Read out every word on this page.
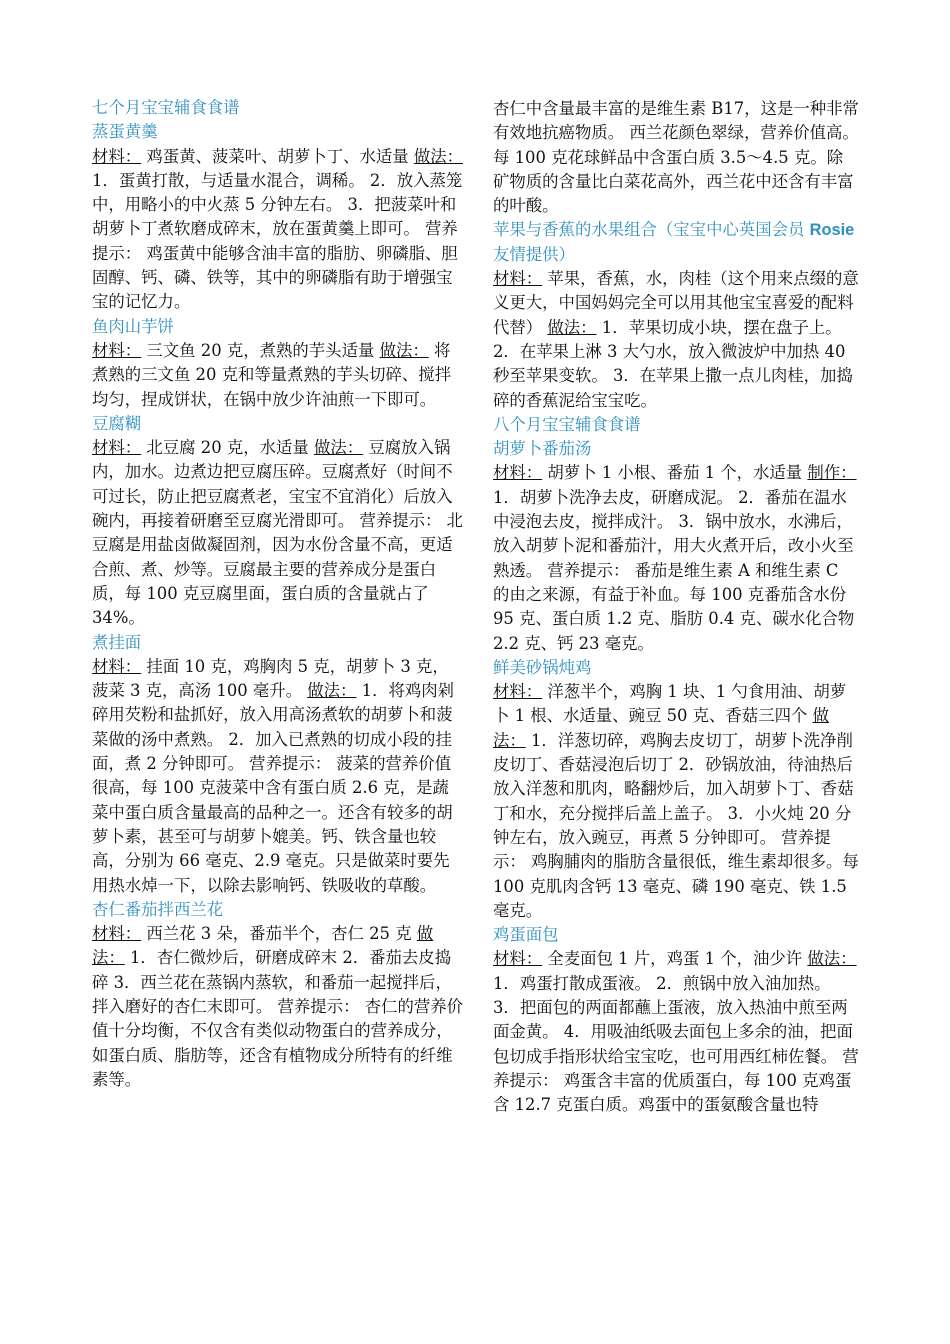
七个月宝宝辅食食谱

蒸蛋黄羹

材料： 鸡蛋黄、菠菜叶、胡萝卜丁、水适量 做法： 1．蛋黄打散，与适量水混合，调稀。 2．放入蒸笼中，用略小的中火蒸 5 分钟左右。 3．把菠菜叶和胡萝卜丁煮软磨成碎末，放在蛋黄羹上即可。 营养提示： 鸡蛋黄中能够含油丰富的脂肪、卵磷脂、胆固醇、钙、磷、铁等，其中的卵磷脂有助于增强宝宝的记忆力。

鱼肉山芋饼

材料： 三文鱼 20 克，煮熟的芋头适量 做法： 将煮熟的三文鱼 20 克和等量煮熟的芋头切碎、搅拌均匀，捏成饼状，在锅中放少许油煎一下即可。

豆腐糊

材料： 北豆腐 20 克，水适量 做法： 豆腐放入锅内，加水。边煮边把豆腐压碎。豆腐煮好（时间不可过长，防止把豆腐煮老，宝宝不宜消化）后放入碗内，再接着研磨至豆腐光滑即可。 营养提示： 北豆腐是用盐卤做凝固剂，因为水份含量不高，更适合煎、煮、炒等。豆腐最主要的营养成分是蛋白质，每 100 克豆腐里面，蛋白质的含量就占了 34%。

煮挂面

材料： 挂面 10 克，鸡胸肉 5 克，胡萝卜 3 克，菠菜 3 克，高汤 100 毫升。 做法： 1．将鸡肉剁碎用芡粉和盐抓好，放入用高汤煮软的胡萝卜和菠菜做的汤中煮熟。 2．加入已煮熟的切成小段的挂面，煮 2 分钟即可。 营养提示： 菠菜的营养价值很高，每 100 克菠菜中含有蛋白质 2.6 克，是蔬菜中蛋白质含量最高的品种之一。还含有较多的胡萝卜素，甚至可与胡萝卜媲美。钙、铁含量也较高，分别为 66 毫克、2.9 毫克。只是做菜时要先用热水焯一下，以除去影响钙、铁吸收的草酸。

杏仁番茄拌西兰花

材料： 西兰花 3 朵，番茄半个，杏仁 25 克 做法： 1．杏仁微炒后，研磨成碎末 2．番茄去皮捣碎 3．西兰花在蒸锅内蒸软，和番茄一起搅拌后，拌入磨好的杏仁末即可。 营养提示： 杏仁的营养价值十分均衡，不仅含有类似动物蛋白的营养成分，如蛋白质、脂肪等，还含有植物成分所特有的纤维素等。

杏仁中含量最丰富的是维生素 B17，这是一种非常有效地抗癌物质。 西兰花颜色翠绿，营养价值高。每 100 克花球鲜品中含蛋白质 3.5～4.5 克。除矿物质的含量比白菜花高外，西兰花中还含有丰富的叶酸。

苹果与香蕉的水果组合（宝宝中心英国会员 Rosie 友情提供）

材料： 苹果，香蕉，水，肉桂（这个用来点缀的意义更大，中国妈妈完全可以用其他宝宝喜爱的配料代替） 做法： 1．苹果切成小块，摆在盘子上。 2．在苹果上淋 3 大勺水，放入微波炉中加热 40 秒至苹果变软。 3．在苹果上撒一点儿肉桂，加捣碎的香蕉泥给宝宝吃。

八个月宝宝辅食食谱

胡萝卜番茄汤

材料： 胡萝卜 1 小根、番茄 1 个，水适量 制作： 1．胡萝卜洗净去皮，研磨成泥。 2．番茄在温水中浸泡去皮，搅拌成汁。 3．锅中放水，水沸后，放入胡萝卜泥和番茄汁，用大火煮开后，改小火至熟透。 营养提示： 番茄是维生素 A 和维生素 C 的由之来源，有益于补血。每 100 克番茄含水份 95 克、蛋白质 1.2 克、脂肪 0.4 克、碳水化合物 2.2 克、钙 23 毫克。

鲜美砂锅炖鸡

材料： 洋葱半个，鸡胸 1 块、1 勺食用油、胡萝卜 1 根、水适量、豌豆 50 克、香菇三四个 做法： 1．洋葱切碎，鸡胸去皮切丁，胡萝卜洗净削皮切丁、香菇浸泡后切丁 2．砂锅放油，待油热后放入洋葱和肌肉，略翻炒后，加入胡萝卜丁、香菇丁和水，充分搅拌后盖上盖子。 3．小火炖 20 分钟左右，放入豌豆，再煮 5 分钟即可。 营养提示： 鸡胸脯肉的脂肪含量很低，维生素却很多。每 100 克肌肉含钙 13 毫克、磷 190 毫克、铁 1.5 毫克。

鸡蛋面包

材料： 全麦面包 1 片，鸡蛋 1 个，油少许 做法： 1．鸡蛋打散成蛋液。 2．煎锅中放入油加热。 3．把面包的两面都蘸上蛋液，放入热油中煎至两面金黄。 4．用吸油纸吸去面包上多余的油，把面包切成手指形状给宝宝吃，也可用西红柿佐餐。 营养提示： 鸡蛋含丰富的优质蛋白，每 100 克鸡蛋含 12.7 克蛋白质。鸡蛋中的蛋氨酸含量也特
